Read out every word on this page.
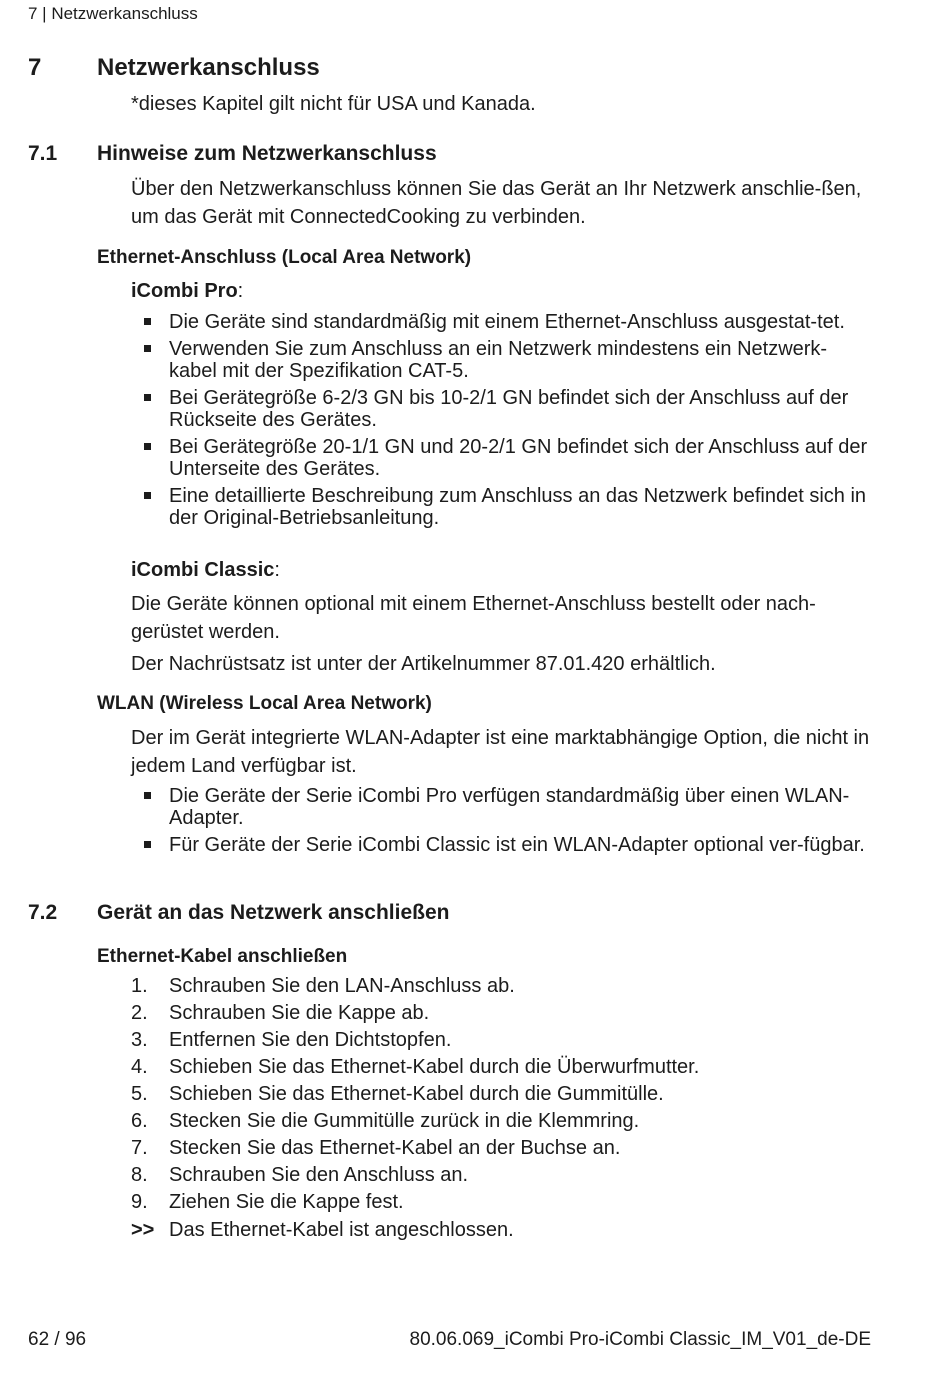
7 | Netzwerkanschluss
7 Netzwerkanschluss
*dieses Kapitel gilt nicht für USA und Kanada.
7.1 Hinweise zum Netzwerkanschluss
Über den Netzwerkanschluss können Sie das Gerät an Ihr Netzwerk anschlie-ßen, um das Gerät mit ConnectedCooking zu verbinden.
Ethernet-Anschluss (Local Area Network)
iCombi Pro:
Die Geräte sind standardmäßig mit einem Ethernet-Anschluss ausgestat-tet.
Verwenden Sie zum Anschluss an ein Netzwerk mindestens ein Netzwerk-kabel mit der Spezifikation CAT-5.
Bei Gerätegröße 6-2/3 GN bis 10-2/1 GN befindet sich der Anschluss auf der Rückseite des Gerätes.
Bei Gerätegröße 20-1/1 GN und 20-2/1 GN befindet sich der Anschluss auf der Unterseite des Gerätes.
Eine detaillierte Beschreibung zum Anschluss an das Netzwerk befindet sich in der Original-Betriebsanleitung.
iCombi Classic:
Die Geräte können optional mit einem Ethernet-Anschluss bestellt oder nach-gerüstet werden.
Der Nachrüstsatz ist unter der Artikelnummer 87.01.420 erhältlich.
WLAN (Wireless Local Area Network)
Der im Gerät integrierte WLAN-Adapter ist eine marktabhängige Option, die nicht in jedem Land verfügbar ist.
Die Geräte der Serie iCombi Pro verfügen standardmäßig über einen WLAN-Adapter.
Für Geräte der Serie iCombi Classic ist ein WLAN-Adapter optional ver-fügbar.
7.2 Gerät an das Netzwerk anschließen
Ethernet-Kabel anschließen
1. Schrauben Sie den LAN-Anschluss ab.
2. Schrauben Sie die Kappe ab.
3. Entfernen Sie den Dichtstopfen.
4. Schieben Sie das Ethernet-Kabel durch die Überwurfmutter.
5. Schieben Sie das Ethernet-Kabel durch die Gummitülle.
6. Stecken Sie die Gummitülle zurück in die Klemmring.
7. Stecken Sie das Ethernet-Kabel an der Buchse an.
8. Schrauben Sie den Anschluss an.
9. Ziehen Sie die Kappe fest.
>> Das Ethernet-Kabel ist angeschlossen.
62 / 96	80.06.069_iCombi Pro-iCombi Classic_IM_V01_de-DE
